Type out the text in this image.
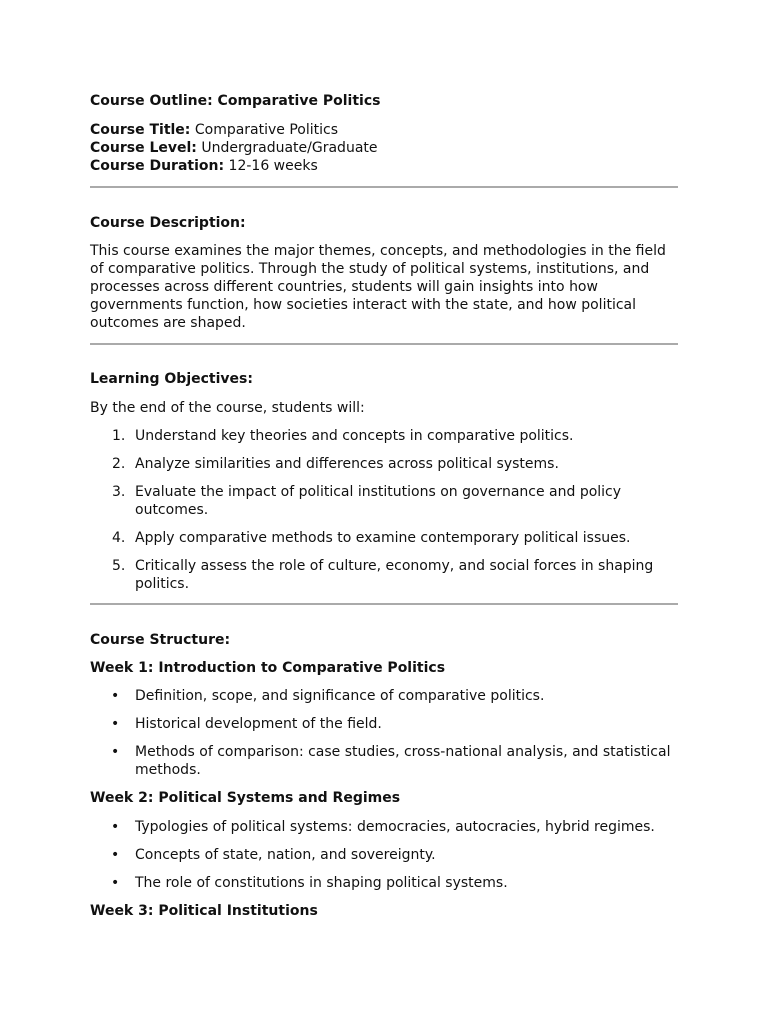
Course Outline: Comparative Politics

Course Title: Comparative Politics

Course Level: Undergraduate/Graduate

Course Duration: 12-16 weeks

Course Description:

This course examines the major themes, concepts, and methodologies in the field of comparative politics. Through the study of political systems, institutions, and processes across different countries, students will gain insights into how governments function, how societies interact with the state, and how political outcomes are shaped.

Learning Objectives:

By the end of the course, students will:

Understand key theories and concepts in comparative politics.
Analyze similarities and differences across political systems.
Evaluate the impact of political institutions on governance and policy outcomes.
Apply comparative methods to examine contemporary political issues.
Critically assess the role of culture, economy, and social forces in shaping politics.

Course Structure:

Week 1: Introduction to Comparative Politics

• Definition, scope, and significance of comparative politics.
• Historical development of the field.
• Methods of comparison: case studies, cross-national analysis, and statistical methods.

Week 2: Political Systems and Regimes

• Typologies of political systems: democracies, autocracies, hybrid regimes.
• Concepts of state, nation, and sovereignty.
• The role of constitutions in shaping political systems.

Week 3: Political Institutions
